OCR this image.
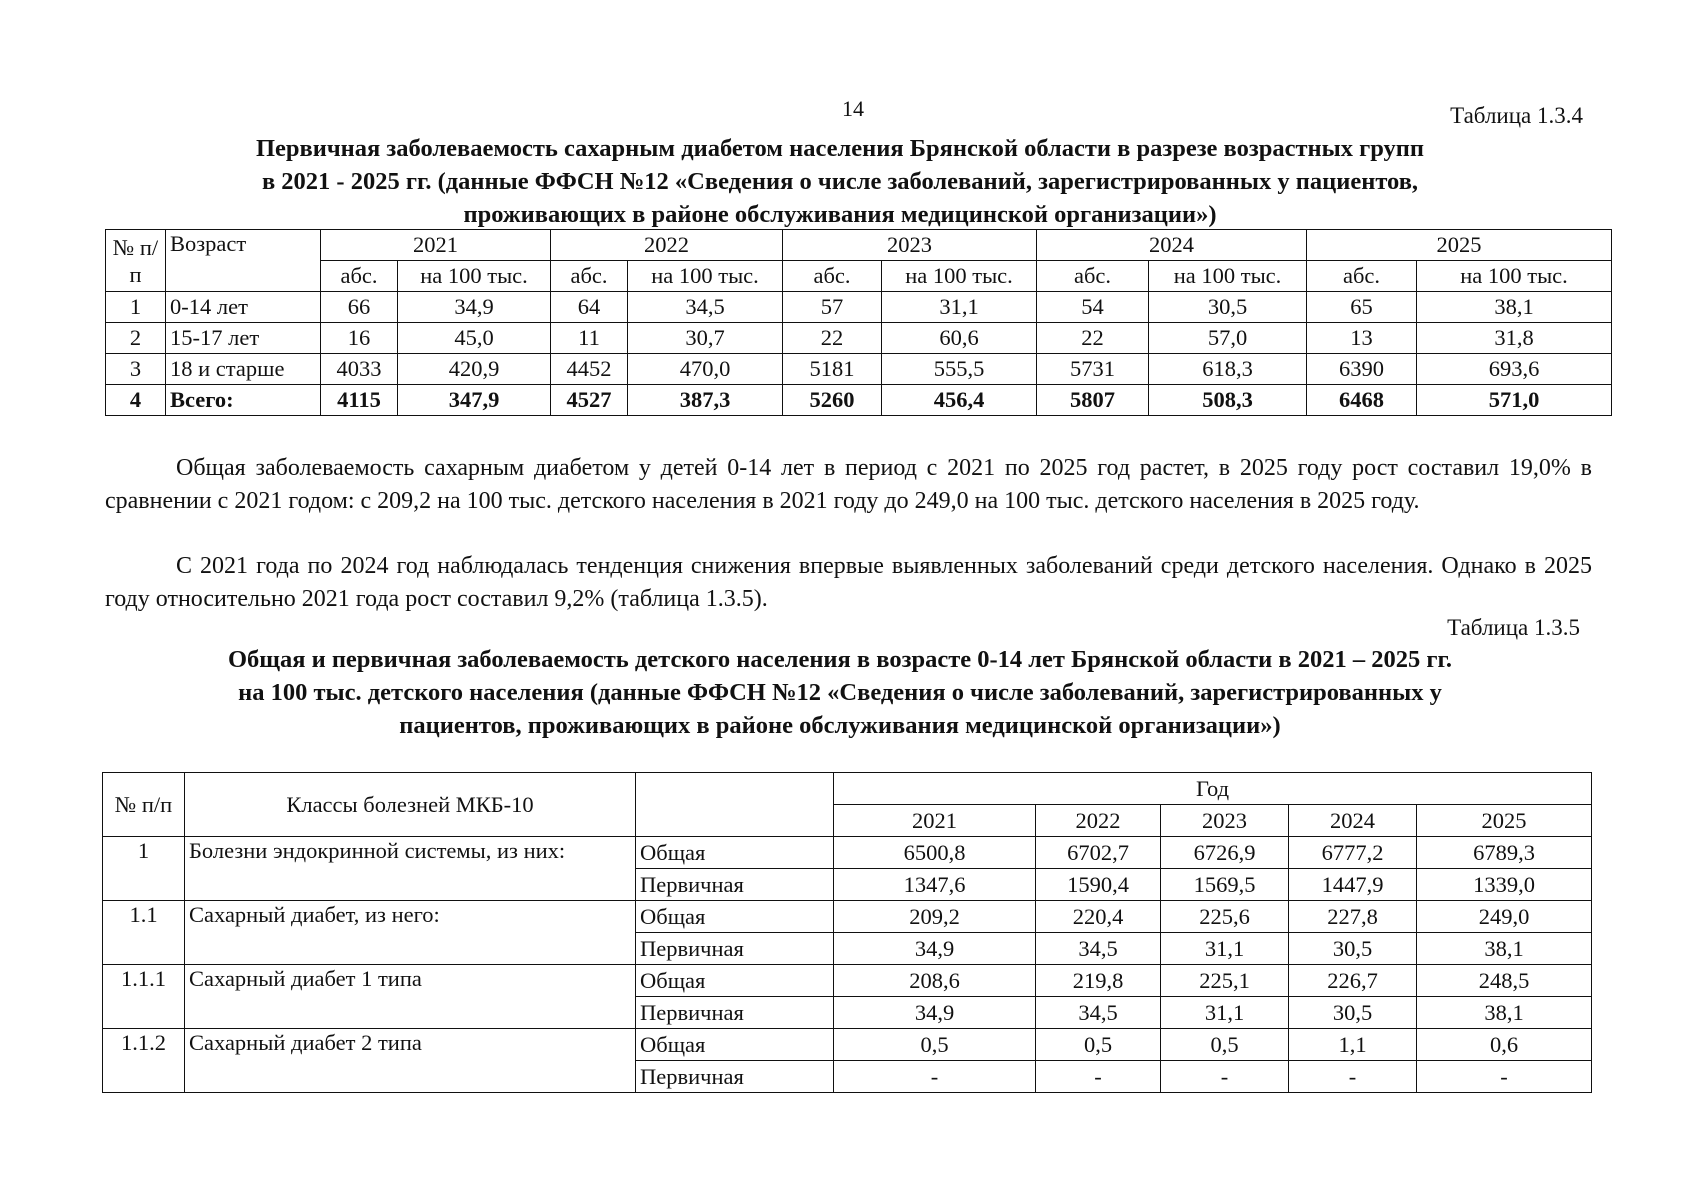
14	Таблица 1.3.4
Первичная заболеваемость сахарным диабетом населения Брянской области в разрезе возрастных групп
в 2021 - 2025 гг. (данные ФФСН №12 «Сведения о числе заболеваний, зарегистрированных у пациентов,
проживающих в районе обслуживания медицинской организации»)
№ п/п	Возраст	2021		2022		2023		2024		2025	
		абс.	на 100 тыс.	абс.	на 100 тыс.	абс.	на 100 тыс.	абс.	на 100 тыс.	абс.	на 100 тыс.
1	0-14 лет	66	34,9	64	34,5	57	31,1	54	30,5	65	38,1
2	15-17 лет	16	45,0	11	30,7	22	60,6	22	57,0	13	31,8
3	18 и старше	4033	420,9	4452	470,0	5181	555,5	5731	618,3	6390	693,6
4	Всего:	4115	347,9	4527	387,3	5260	456,4	5807	508,3	6468	571,0

Общая заболеваемость сахарным диабетом у детей 0-14 лет в период с 2021 по 2025 год растет, в 2025 году рост составил 19,0% в сравнении с 2021 годом: с 209,2 на 100 тыс. детского населения в 2021 году до 249,0 на 100 тыс. детского населения в 2025 году.

С 2021 года по 2024 год наблюдалась тенденция снижения впервые выявленных заболеваний среди детского населения. Однако в 2025 году относительно 2021 года рост составил 9,2% (таблица 1.3.5).

Таблица 1.3.5
Общая и первичная заболеваемость детского населения в возрасте 0-14 лет Брянской области в 2021 – 2025 гг.
на 100 тыс. детского населения (данные ФФСН №12 «Сведения о числе заболеваний, зарегистрированных у
пациентов, проживающих в районе обслуживания медицинской организации»)
№ п/п	Классы болезней МКБ-10		Год				
			2021	2022	2023	2024	2025
1	Болезни эндокринной системы, из них:	Общая	6500,8	6702,7	6726,9	6777,2	6789,3
		Первичная	1347,6	1590,4	1569,5	1447,9	1339,0
1.1	Сахарный диабет, из него:	Общая	209,2	220,4	225,6	227,8	249,0
		Первичная	34,9	34,5	31,1	30,5	38,1
1.1.1	Сахарный диабет 1 типа	Общая	208,6	219,8	225,1	226,7	248,5
		Первичная	34,9	34,5	31,1	30,5	38,1
1.1.2	Сахарный диабет 2 типа	Общая	0,5	0,5	0,5	1,1	0,6
		Первичная	-	-	-	-	-
